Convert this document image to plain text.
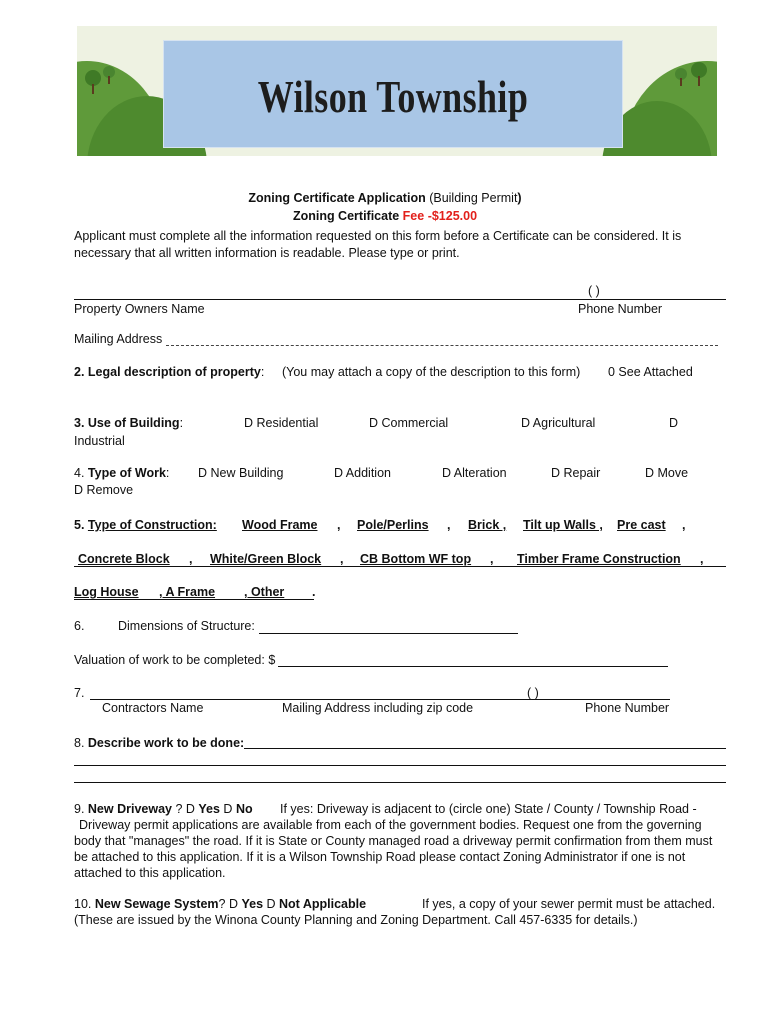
Wilson Township
Zoning Certificate Application (Building Permit)
Zoning Certificate Fee -$125.00
Applicant must complete all the information requested on this form before a Certificate can be considered. It is
necessary that all written information is readable. Please type or print.
( )
Property Owners Name	Phone Number
Mailing Address
2. Legal description of property: (You may attach a copy of the description to this form) 0 See Attached
3. Use of Building:	D Residential	D Commercial	D Agricultural	D
Industrial
4. Type of Work: D New Building	D Addition	D Alteration	D Repair	D Move
D Remove
5. Type of Construction: Wood Frame , Pole/Perlins , Brick , Tilt up Walls , Pre cast ,
Concrete Block , White/Green Block , CB Bottom WF top , Timber Frame Construction ,
Log House , A Frame , Other .
6.	Dimensions of Structure:
Valuation of work to be completed: $
7.	( )
Contractors Name	Mailing Address including zip code	Phone Number
8. Describe work to be done:
9. New Driveway ? D Yes D No If yes: Driveway is adjacent to (circle one) State / County / Township Road -
Driveway permit applications are available from each of the government bodies. Request one from the governing
body that "manages" the road. If it is State or County managed road a driveway permit confirmation from them must
be attached to this application. If it is a Wilson Township Road please contact Zoning Administrator if one is not
attached to this application.
10. New Sewage System? D Yes D Not Applicable	If yes, a copy of your sewer permit must be attached.
(These are issued by the Winona County Planning and Zoning Department. Call 457-6335 for details.)
